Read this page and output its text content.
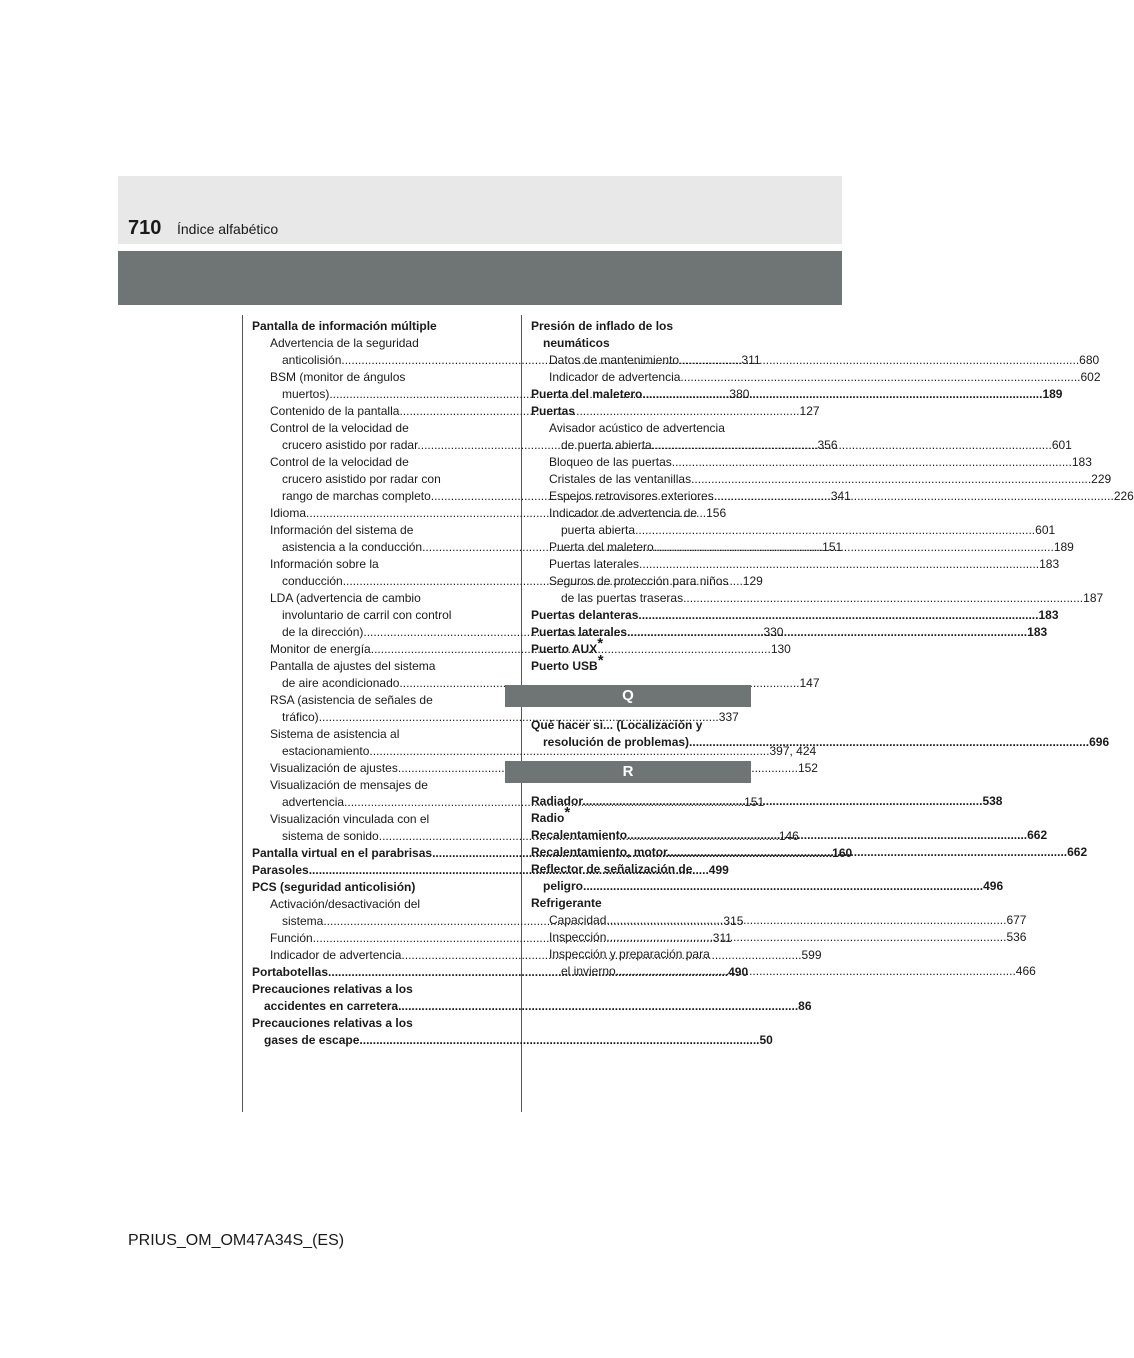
710 Índice alfabético
Pantalla de información múltiple
Advertencia de la seguridad
anticolisión .....	311
BSM (monitor de ángulos
muertos) .....	380
Contenido de la pantalla .....	127
Control de la velocidad de
crucero asistido por radar .....	356
Control de la velocidad de
crucero asistido por radar con
rango de marchas completo .....	341
Idioma .....	156
Información del sistema de
asistencia a la conducción .....	151
Información sobre la
conducción .....	129
LDA (advertencia de cambio
involuntario de carril con control
de la dirección) .....	330
Monitor de energía .....	130
Pantalla de ajustes del sistema
de aire acondicionado .....	147
RSA (asistencia de señales de
tráfico) .....	337
Sistema de asistencia al
estacionamiento .....	397, 424
Visualización de ajustes .....	152
Visualización de mensajes de
advertencia .....	151
Visualización vinculada con el
sistema de sonido .....	146
Pantalla virtual en el parabrisas .....	160
Parasoles .....	499
PCS (seguridad anticolisión)
Activación/desactivación del
sistema .....	315
Función .....	311
Indicador de advertencia .....	599
Portabotellas .....	490
Precauciones relativas a los
accidentes en carretera .....	86
Precauciones relativas a los
gases de escape .....	50
Presión de inflado de los
neumáticos
Datos de mantenimiento .....	680
Indicador de advertencia .....	602
Puerta del maletero .....	189
Puertas
Avisador acústico de advertencia
de puerta abierta .....	601
Bloqueo de las puertas .....	183
Cristales de las ventanillas .....	229
Espejos retrovisores exteriores .....	226
Indicador de advertencia de
puerta abierta .....	601
Puerta del maletero .....	189
Puertas laterales .....	183
Seguros de protección para niños
de las puertas traseras .....	187
Puertas delanteras .....	183
Puertas laterales .....	183
Puerto AUX*
Puerto USB*
Q
Qué hacer si... (Localización y
resolución de problemas) .....	696
R
Radiador .....	538
Radio*
Recalentamiento .....	662
Recalentamiento, motor .....	662
Reflector de señalización de
peligro .....	496
Refrigerante
Capacidad .....	677
Inspección .....	536
Inspección y preparación para
el invierno .....	466
PRIUS_OM_OM47A34S_(ES)
